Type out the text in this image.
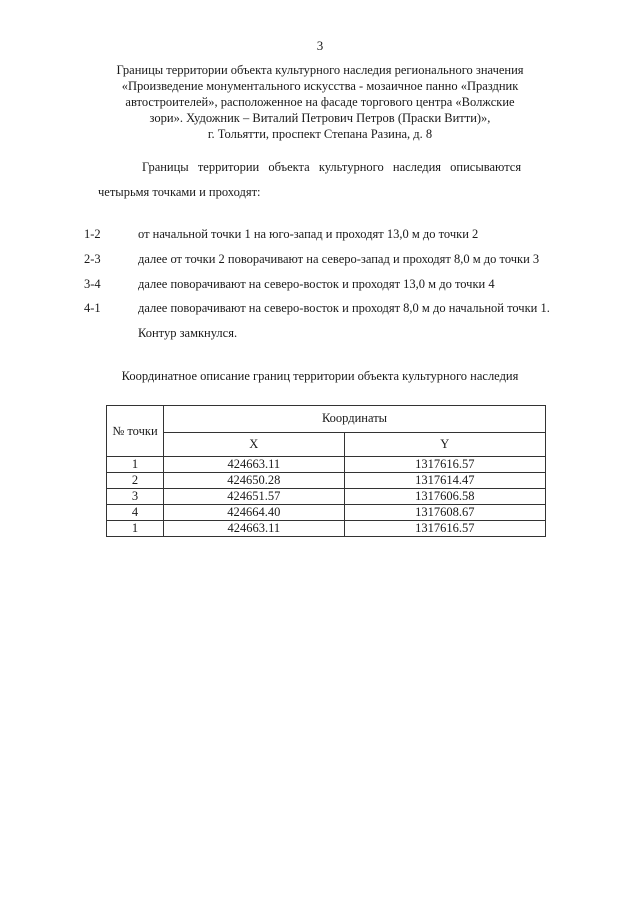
3
Границы территории объекта культурного наследия регионального значения
«Произведение монументального искусства - мозаичное панно «Праздник
автостроителей», расположенное на фасаде торгового центра «Волжские
зори». Художник – Виталий Петрович Петров (Праски Витти)»,
г. Тольятти, проспект Степана Разина, д. 8
Границы территории объекта культурного наследия описываются
четырьмя точками и проходят:
1-2	от начальной точки 1 на юго-запад и проходят 13,0 м до точки 2
2-3	далее от точки 2 поворачивают на северо-запад и проходят 8,0 м до точки 3
3-4	далее поворачивают на северо-восток и проходят 13,0 м до точки 4
4-1	далее поворачивают на северо-восток и проходят 8,0 м до начальной точки 1.
Контур замкнулся.
Координатное описание границ территории объекта культурного наследия
№ точки	Координаты	
	X	Y
1	424663.11	1317616.57
2	424650.28	1317614.47
3	424651.57	1317606.58
4	424664.40	1317608.67
1	424663.11	1317616.57
